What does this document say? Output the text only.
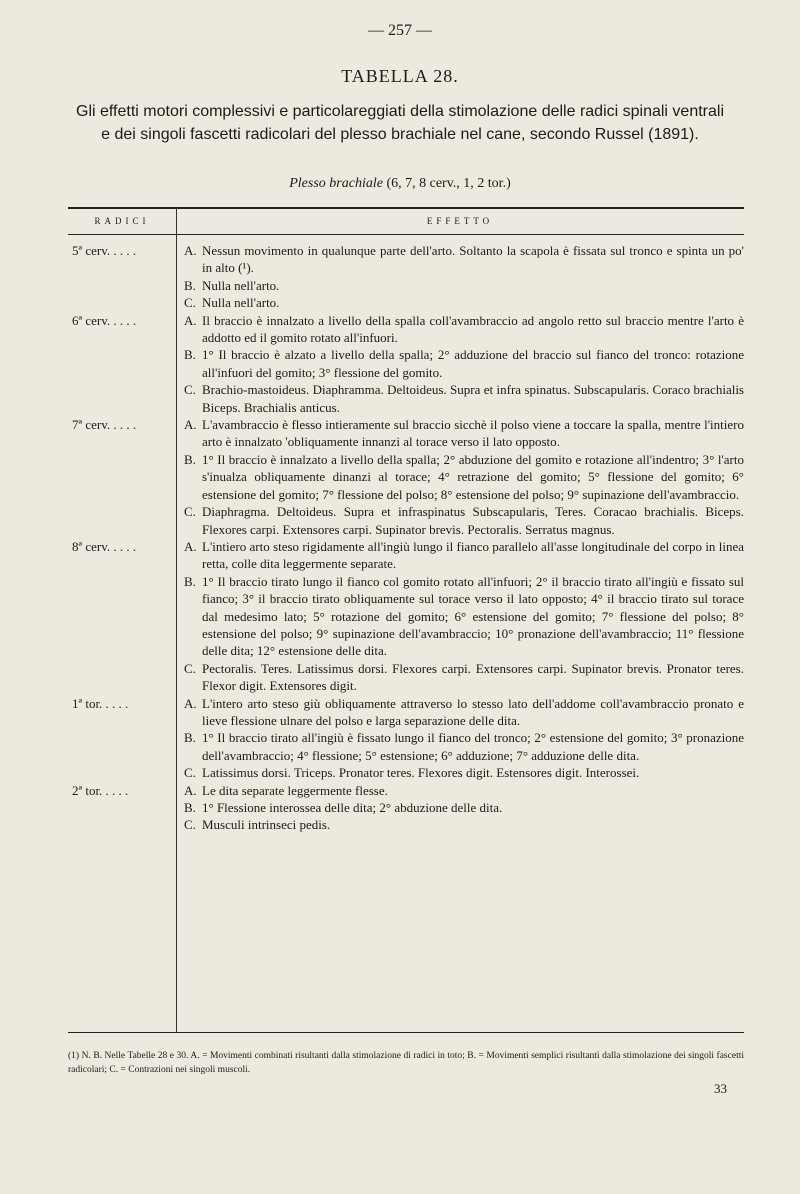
— 257 —
TABELLA 28.
Gli effetti motori complessivi e particolareggiati della stimolazione delle radici spinali ventrali e dei singoli fascetti radicolari del plesso brachiale nel cane, secondo Russel (1891).
Plesso brachiale (6, 7, 8 cerv., 1, 2 tor.)
RADICI	EFFETTO
5ª cerv. . . . .	A. Nessun movimento in qualunque parte dell'arto. Soltanto la scapola è fissata sul tronco e spinta un po' in alto (¹).
B. Nulla nell'arto.
C. Nulla nell'arto.
6ª cerv. . . . .	A. Il braccio è innalzato a livello della spalla coll'avambraccio ad angolo retto sul braccio mentre l'arto è addotto ed il gomito rotato all'infuori.
B. 1° Il braccio è alzato a livello della spalla; 2° adduzione del braccio sul fianco del tronco: rotazione all'infuori del gomito; 3° flessione del gomito.
C. Brachio-mastoideus. Diaphramma. Deltoideus. Supra et infra spinatus. Subscapularis. Coraco brachialis Biceps. Brachialis anticus.
7ª cerv. . . . .	A. L'avambraccio è flesso intieramente sul braccio sicchè il polso viene a toccare la spalla, mentre l'intiero arto è innalzato 'obliquamente innanzi al torace verso il lato opposto.
B. 1° Il braccio è innalzato a livello della spalla; 2° abduzione del gomito e rotazione all'indentro; 3° l'arto s'inualza obliquamente dinanzi al torace; 4° retrazione del gomito; 5° flessione del gomito; 6° estensione del gomito; 7° flessione del polso; 8° estensione del polso; 9° supinazione dell'avambraccio.
C. Diaphragma. Deltoideus. Supra et infraspinatus Subscapularis, Teres. Coracao brachialis. Biceps. Flexores carpi. Extensores carpi. Supinator brevis. Pectoralis. Serratus magnus.
8ª cerv. . . . .	A. L'intiero arto steso rigidamente all'ingiù lungo il fianco parallelo all'asse longitudinale del corpo in linea retta, colle dita leggermente separate.
B. 1° Il braccio tirato lungo il fianco col gomito rotato all'infuori; 2° il braccio tirato all'ingiù e fissato sul fianco; 3° il braccio tirato obliquamente sul torace verso il lato opposto; 4° il braccio tirato sul torace dal medesimo lato; 5° rotazione del gomito; 6° estensione del gomito; 7° flessione del polso; 8° estensione del polso; 9° supinazione dell'avambraccio; 10° pronazione dell'avambraccio; 11° flessione delle dita; 12° estensione delle dita.
C. Pectoralis. Teres. Latissimus dorsi. Flexores carpi. Extensores carpi. Supinator brevis. Pronator teres. Flexor digit. Extensores digit.
1ª tor. . . . .	A. L'intero arto steso giù obliquamente attraverso lo stesso lato dell'addome coll'avambraccio pronato e lieve flessione ulnare del polso e larga separazione delle dita.
B. 1° Il braccio tirato all'ingiù è fissato lungo il fianco del tronco; 2° estensione del gomito; 3° pronazione dell'avambraccio; 4° flessione; 5° estensione; 6° adduzione; 7° adduzione delle dita.
C. Latissimus dorsi. Triceps. Pronator teres. Flexores digit. Estensores digit. Interossei.
2ª tor. . . . .	A. Le dita separate leggermente flesse.
B. 1° Flessione interossea delle dita; 2° abduzione delle dita.
C. Musculi intrinseci pedis.
(1) N. B. Nelle Tabelle 28 e 30. A. = Movimenti combinati risultanti dalla stimolazione di radici in toto; B. = Movimenti semplici risultanti dalla stimolazione dei singoli fascetti radicolari; C. = Contrazioni nei singoli muscoli.
33
